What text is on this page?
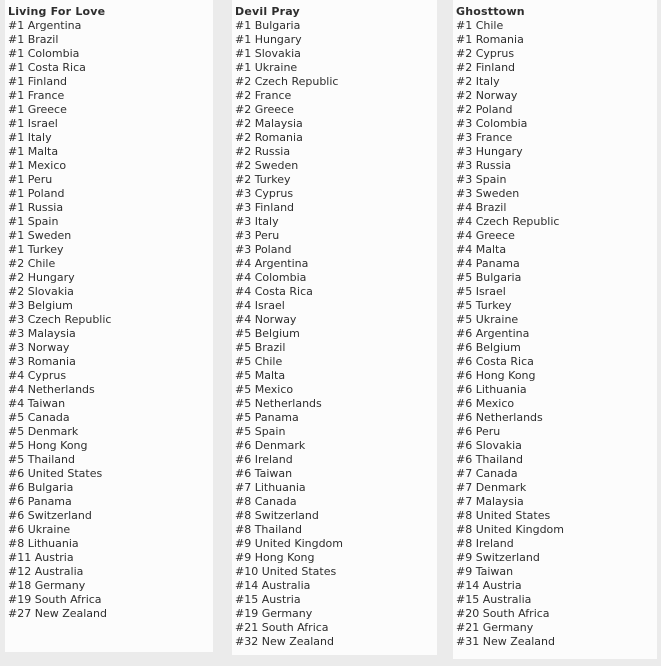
Living For Love
#1 Argentina
#1 Brazil
#1 Colombia
#1 Costa Rica
#1 Finland
#1 France
#1 Greece
#1 Israel
#1 Italy
#1 Malta
#1 Mexico
#1 Peru
#1 Poland
#1 Russia
#1 Spain
#1 Sweden
#1 Turkey
#2 Chile
#2 Hungary
#2 Slovakia
#3 Belgium
#3 Czech Republic
#3 Malaysia
#3 Norway
#3 Romania
#4 Cyprus
#4 Netherlands
#4 Taiwan
#5 Canada
#5 Denmark
#5 Hong Kong
#5 Thailand
#6 United States
#6 Bulgaria
#6 Panama
#6 Switzerland
#6 Ukraine
#8 Lithuania
#11 Austria
#12 Australia
#18 Germany
#19 South Africa
#27 New Zealand
Devil Pray
#1 Bulgaria
#1 Hungary
#1 Slovakia
#1 Ukraine
#2 Czech Republic
#2 France
#2 Greece
#2 Malaysia
#2 Romania
#2 Russia
#2 Sweden
#2 Turkey
#3 Cyprus
#3 Finland
#3 Italy
#3 Peru
#3 Poland
#4 Argentina
#4 Colombia
#4 Costa Rica
#4 Israel
#4 Norway
#5 Belgium
#5 Brazil
#5 Chile
#5 Malta
#5 Mexico
#5 Netherlands
#5 Panama
#5 Spain
#6 Denmark
#6 Ireland
#6 Taiwan
#7 Lithuania
#8 Canada
#8 Switzerland
#8 Thailand
#9 United Kingdom
#9 Hong Kong
#10 United States
#14 Australia
#15 Austria
#19 Germany
#21 South Africa
#32 New Zealand
Ghosttown
#1 Chile
#1 Romania
#2 Cyprus
#2 Finland
#2 Italy
#2 Norway
#2 Poland
#3 Colombia
#3 France
#3 Hungary
#3 Russia
#3 Spain
#3 Sweden
#4 Brazil
#4 Czech Republic
#4 Greece
#4 Malta
#4 Panama
#5 Bulgaria
#5 Israel
#5 Turkey
#5 Ukraine
#6 Argentina
#6 Belgium
#6 Costa Rica
#6 Hong Kong
#6 Lithuania
#6 Mexico
#6 Netherlands
#6 Peru
#6 Slovakia
#6 Thailand
#7 Canada
#7 Denmark
#7 Malaysia
#8 United States
#8 United Kingdom
#8 Ireland
#9 Switzerland
#9 Taiwan
#14 Austria
#15 Australia
#20 South Africa
#21 Germany
#31 New Zealand
